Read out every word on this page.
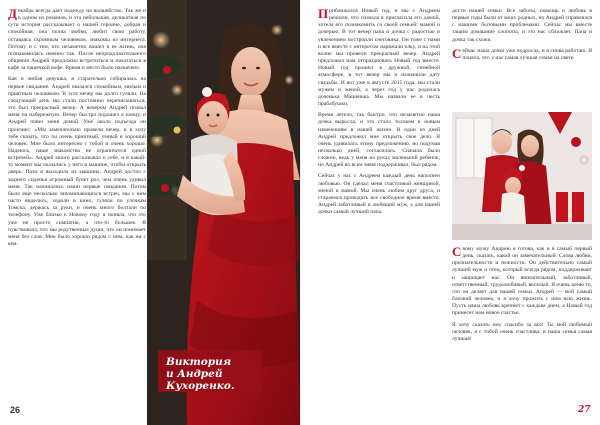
Декабрь всегда дает надежду на волшебство. Так же и в одном из романов, и эта небольшая, деликатная по сути история рассказывает о нашей героине, добрая и спокойная, она полна любви, любит свою работу, оставаясь скромным человеком, знакомы из интернета. Потому и с тем, кто незаметно вошел в ее жизнь, она познакомилась именно так. После непродолжительного общения Андрей предложил встретиться и покататься в кафе за чашечкой кофе. Время и место было назначено.

Как и любая девушка, я старательно собиралась на первое свидание. Андрей оказался спокойным, милым и приятным человеком. В этот вечер мы долго гуляли. На следующий день мы стали постоянно переписываться, это был прекрасный вечер. А вечером Андрей позвал меня на набережную. Вечер быстро подошел к концу, и Андрей повез меня домой. Уже около подъезда он произнес: «Мы замечательно провели вечер, и я хочу тебе сказать, что ты очень приятный, умный и хороший человек. Мне было интересно с тобой и очень хорошо. Надеюсь, наше знакомство не ограничится одной встречей». Андрей много рассказывал о себе, и в какой-то момент мы оказались у него в машине, чтобы открыть дверь. Пока я выходила из машины, Андрей достал с заднего сиденья огромный букет роз, чем очень удивил меня. Так начинались наши первые свидания. Потом было еще несколько запоминающихся встреч, мы с ним часто виделись, ходили в кино, гуляли по улочкам Томска, держась за руки, и очень много болтали по телефону. Уже близко к Новому году я поняла, что это уже не просто симпатия, а что-то большее. Я чувствовала, что мы родственные души, что он понимает меня без слов. Мне было хорошо рядом с ним, как ни с кем.

Виктория
и Андрей
Кухоренко.
26

Приближался Новый год, и мы с Андреем решили, что сначала я пригласила его домой, хотела его познакомить со своей семьей: мамой и дочерью. В тот вечер папа и дочка с радостью и увлечением построили снеговика. Он тоже с нами и все вместе с интересом наряжали елку, и на этой волне мы провели прекрасный вечер. Андрей предложил нам отпраздновать Новый год вместе. Новый год прошел в дружной, семейной атмосфере, в тот вечер мы и назначили дату свадьбы. И вот уже в августе 2015 года, мы стали мужем и женой, а через год у нас родилась доченька Машенька. Мы назвали ее в честь прабабушки.

Время летело, так быстро, что незаметно наша дочка выросла, и это стало толчком к новым изменениям в нашей жизни. В один из дней Андрей предложил мне открыть свое дело. Я очень удивилась этому предложению, но подумав несколько дней, согласилась. Сначала было сложно, ведь у меня на руках маленький ребенок, но Андрей во всем меня поддерживал, был рядом.

Сейчас у нас с Андреем каждый день наполнен любовью. Он сделал меня счастливой женщиной, женой и мамой. Мы очень любим друг друга, и стараемся проводить все свободное время вместе. Андрей заботливый и любящий муж, а для нашей дочки самый лучший папа.

дости нашей семьи. Все заботы, помощь и любовь в первые годы были от моих родных, но Андрей справлялся с нашими бытовыми проблемами. Сейчас мы вместе тащим домашние хлопоты, и это нас сближает. Папа и дочка так схожи.

Сейчас наша дочка уже подросла, и я снова работаю. Я поняла, что у нас самая лучшая семья на свете.

Свому мужу Андрею я готова, как и в самый первый день, сказать, какой он замечательный. Слова любви, признательности и нежности. Он действительно самый лучший муж и отец, который всегда рядом, поддерживает и защищает нас. Он внимательный, заботливый, ответственный, трудолюбивый, веселый. Я очень ценю то, что он делает для нашей семьи. Андрей — мой самый близкий человек, и я хочу прожить с ним всю жизнь. Пусть наша любовь крепнет с каждым днем, а Новый год принесет нам новое счастье.

Я хочу сказать ему спасибо за все! Ты мой любимый человек, я с тобой очень счастлива, и наша семья самая лучшая!

27
